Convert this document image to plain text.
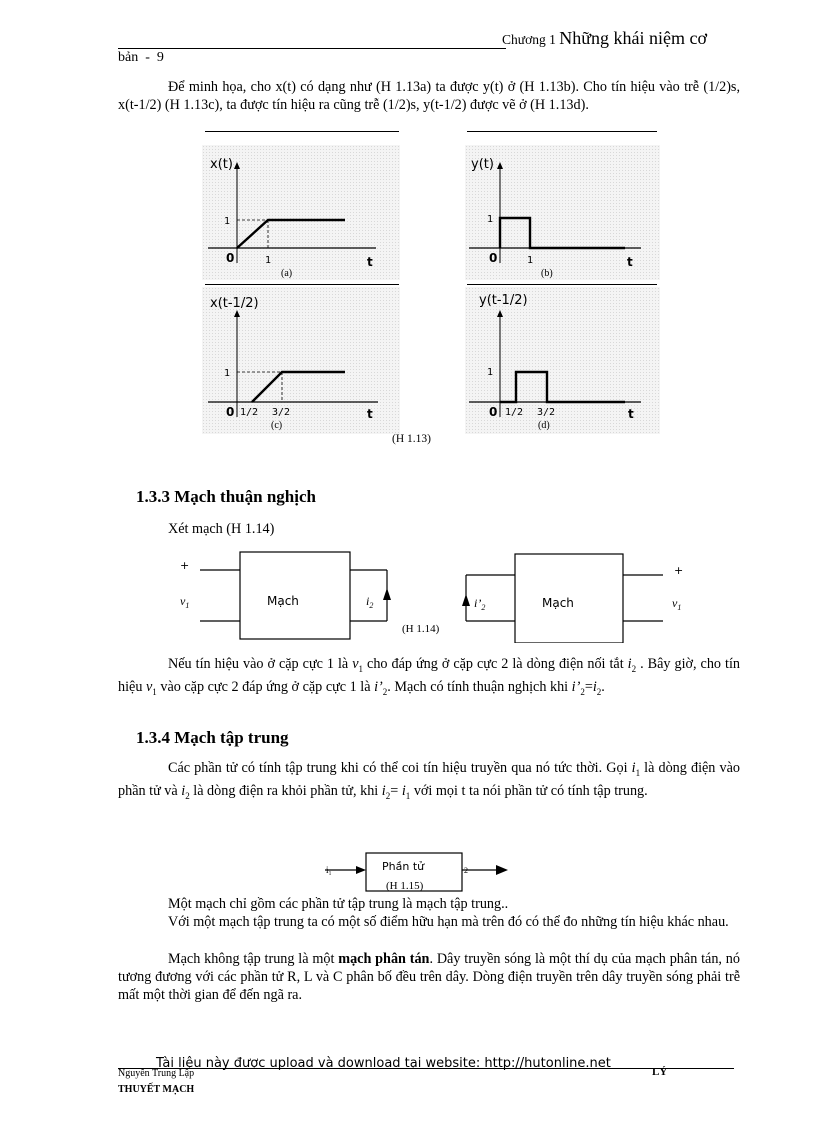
Chương 1 Những khái niệm cơ
bản  -  9
Để minh họa, cho x(t) có dạng như (H 1.13a) ta được y(t) ở (H 1.13b). Cho tín hiệu vào trễ (1/2)s, x(t-1/2) (H 1.13c), ta được tín hiệu ra cũng trễ (1/2)s, y(t-1/2) được vẽ ở (H 1.13d).
x(t)
1
0	1	t
(a)
y(t)
1
0	1	t
(b)
x(t-1/2)
1
0 1/2 3/2	t
(c)
y(t-1/2)
1
0 1/2 3/2	t
(d)
(H 1.13)
1.3.3 Mạch thuận nghịch
Xét mạch (H 1.14)
+
$v_1$	Mạch	$i_2$	$i’_2$	Mạch
+
$v_1$
(H 1.14)
Nếu tín hiệu vào ở cặp cực 1 là $v_1$ cho đáp ứng ở cặp cực 2 là dòng điện nối tắt $i_2$ . Bây giờ, cho tín hiệu $v_1$ vào cặp cực 2 đáp ứng ở cặp cực 1 là $i’_2$. Mạch có tính thuận nghịch khi $i’_2=i_2$.
1.3.4 Mạch tập trung
Các phần tử có tính tập trung khi có thể coi tín hiệu truyền qua nó tức thời. Gọi $i_1$ là dòng điện vào phần tử và $i_2$ là dòng điện ra khỏi phần tử, khi $i_2= i_1$ với mọi t ta nói phần tử có tính tập trung.
i₁	2
Phần tử
(H 1.15)
Một mạch chỉ gồm các phần tử tập trung là mạch tập trung..
Với một mạch tập trung ta có một số điểm hữu hạn mà trên đó có thể đo những tín hiệu khác nhau.
Mạch không tập trung là một mạch phân tán. Dây truyền sóng là một thí dụ của mạch phân tán, nó tương đương với các phần tử R, L và C phân bố đều trên dây. Dòng điện truyền trên dây truyền sóng phải trễ mất một thời gian để đến ngã ra.
Tài liệu này được upload và download tại website: http://hutonline.net
Nguyễn Trung Lập
THUYẾT MẠCH
LÝ
